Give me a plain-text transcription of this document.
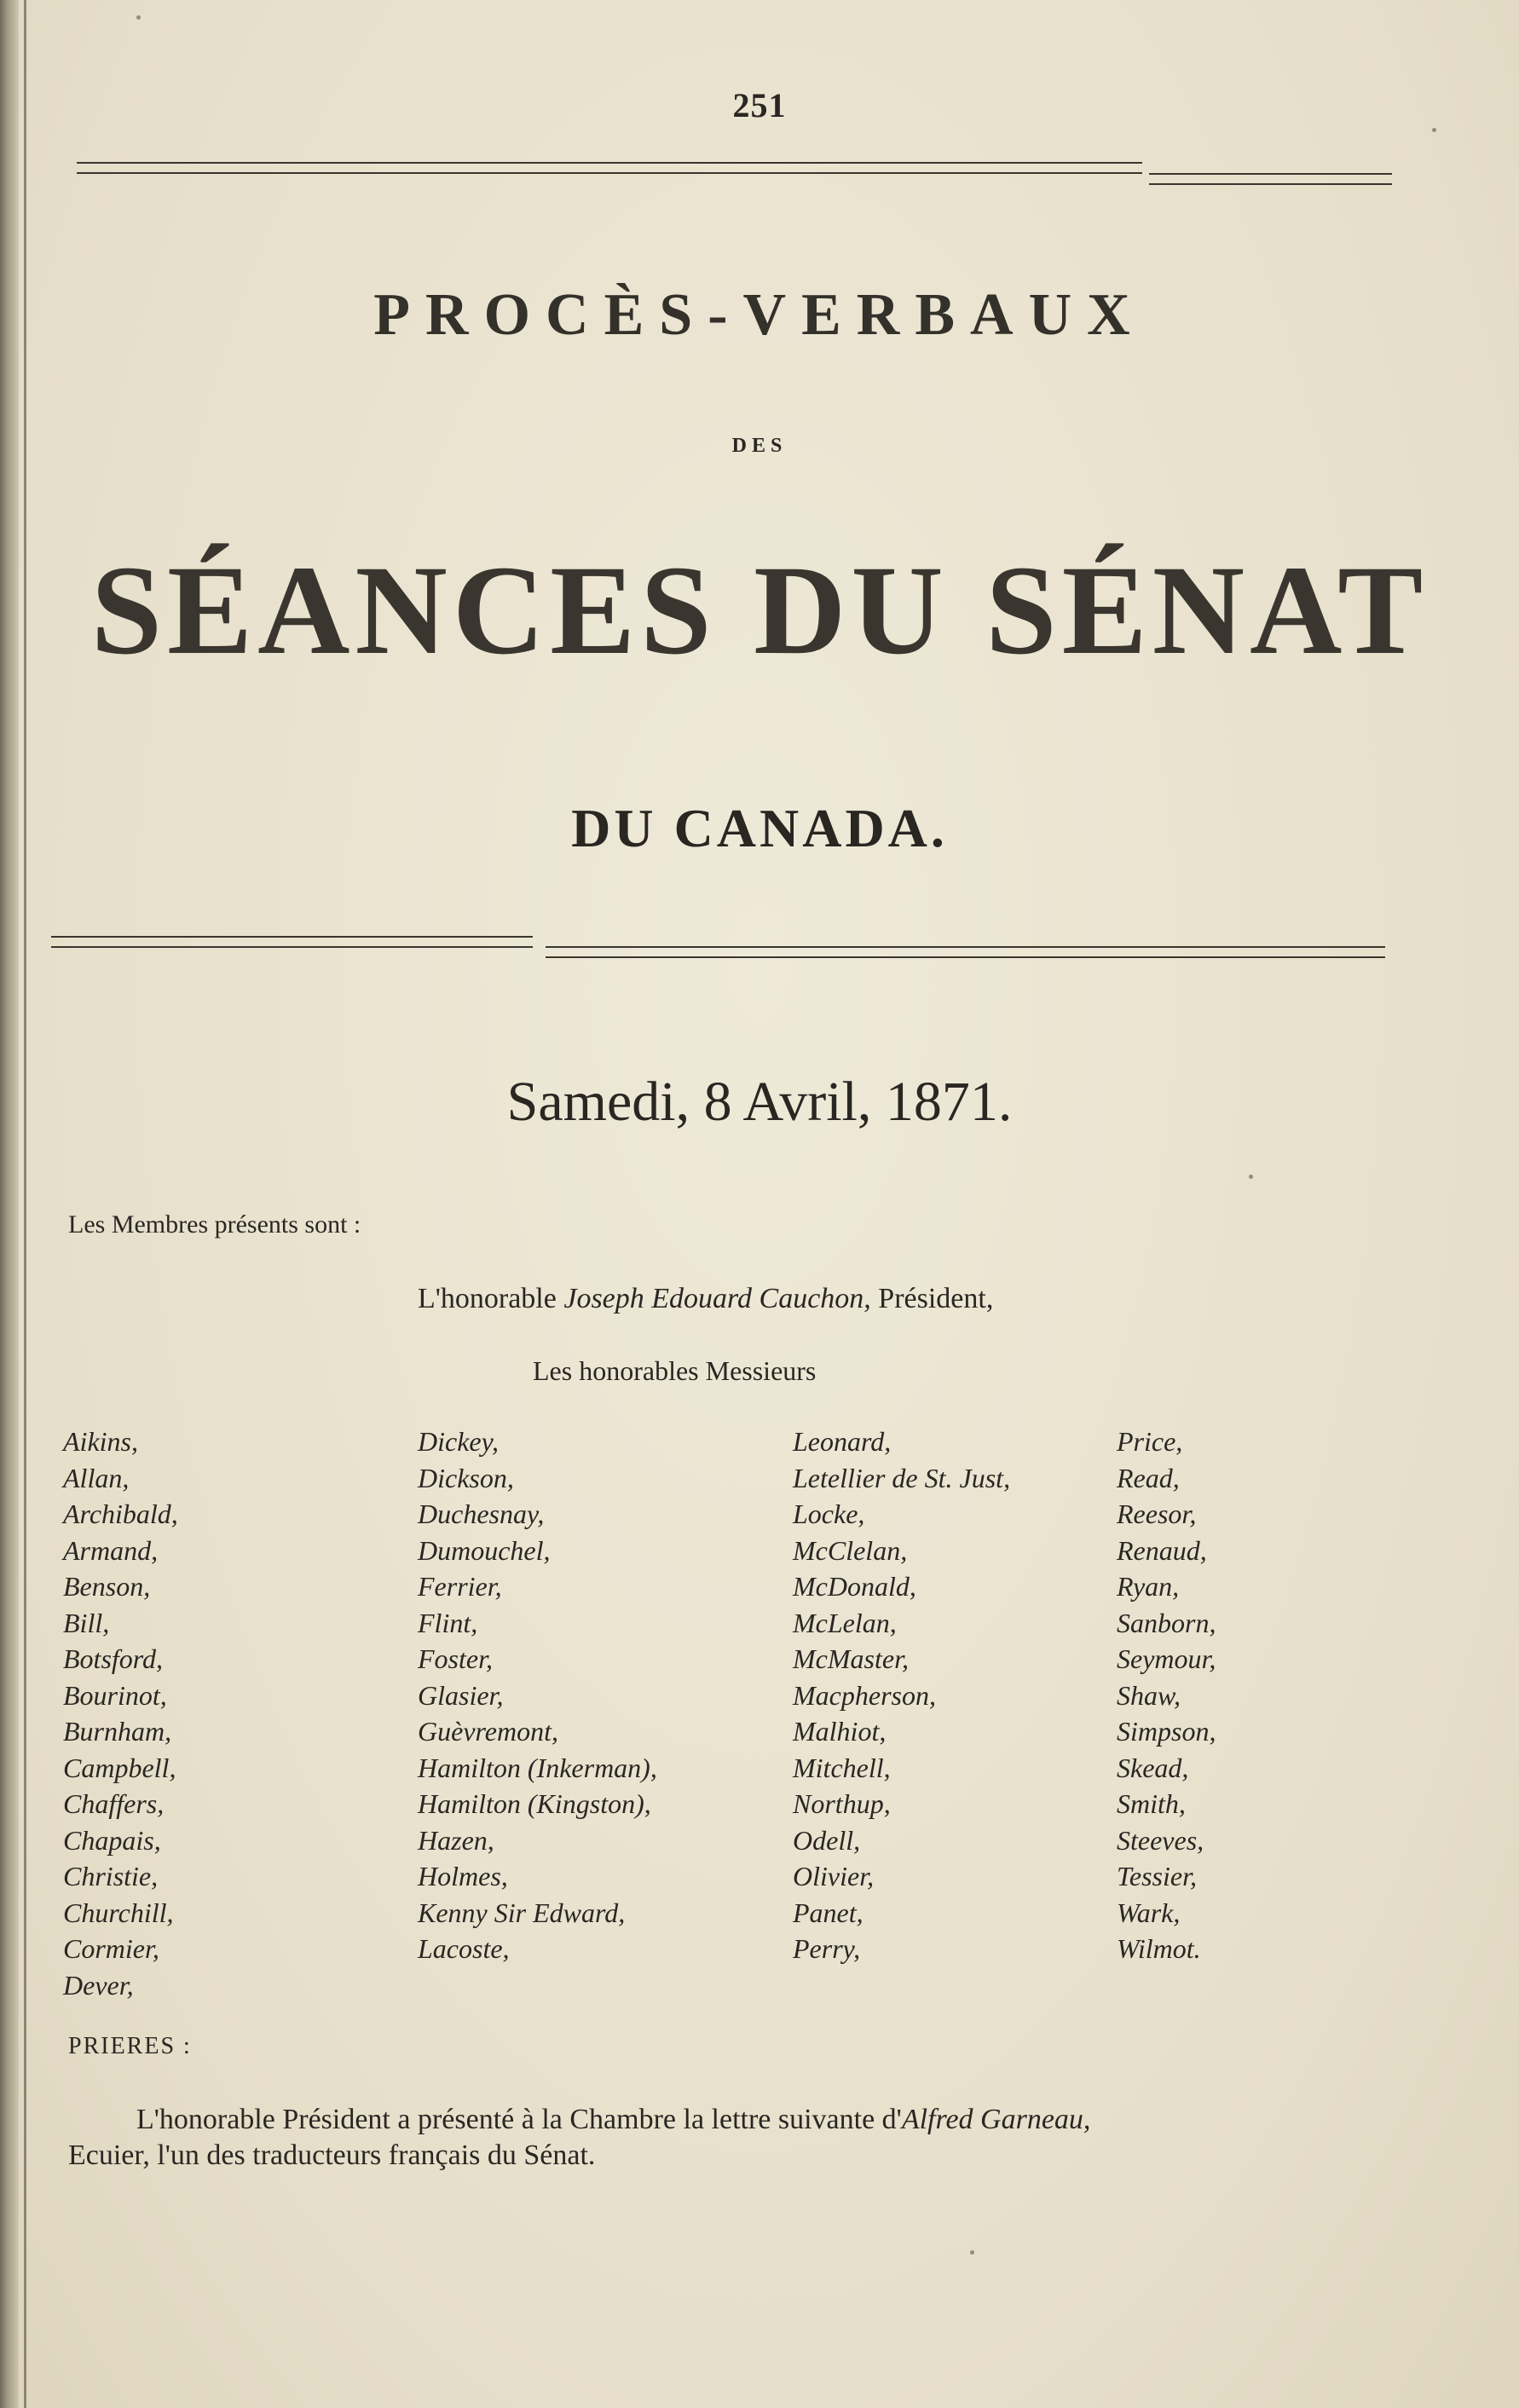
251
PROCÈS-VERBAUX
DES
SÉANCES DU SÉNAT
DU CANADA.
Samedi, 8 Avril, 1871.
Les Membres présents sont :
L'honorable Joseph Edouard Cauchon, Président,
Les honorables Messieurs
Aikins,
Allan,
Archibald,
Armand,
Benson,
Bill,
Botsford,
Bourinot,
Burnham,
Campbell,
Chaffers,
Chapais,
Christie,
Churchill,
Cormier,
Dever,
Dickey,
Dickson,
Duchesnay,
Dumouchel,
Ferrier,
Flint,
Foster,
Glasier,
Guèvremont,
Hamilton (Inkerman),
Hamilton (Kingston),
Hazen,
Holmes,
Kenny Sir Edward,
Lacoste,
Leonard,
Letellier de St. Just,
Locke,
McClelan,
McDonald,
McLelan,
McMaster,
Macpherson,
Malhiot,
Mitchell,
Northup,
Odell,
Olivier,
Panet,
Perry,
Price,
Read,
Reesor,
Renaud,
Ryan,
Sanborn,
Seymour,
Shaw,
Simpson,
Skead,
Smith,
Steeves,
Tessier,
Wark,
Wilmot.
PRIERES :
L'honorable Président a présenté à la Chambre la lettre suivante d'Alfred Garneau,
Ecuier, l'un des traducteurs français du Sénat.
